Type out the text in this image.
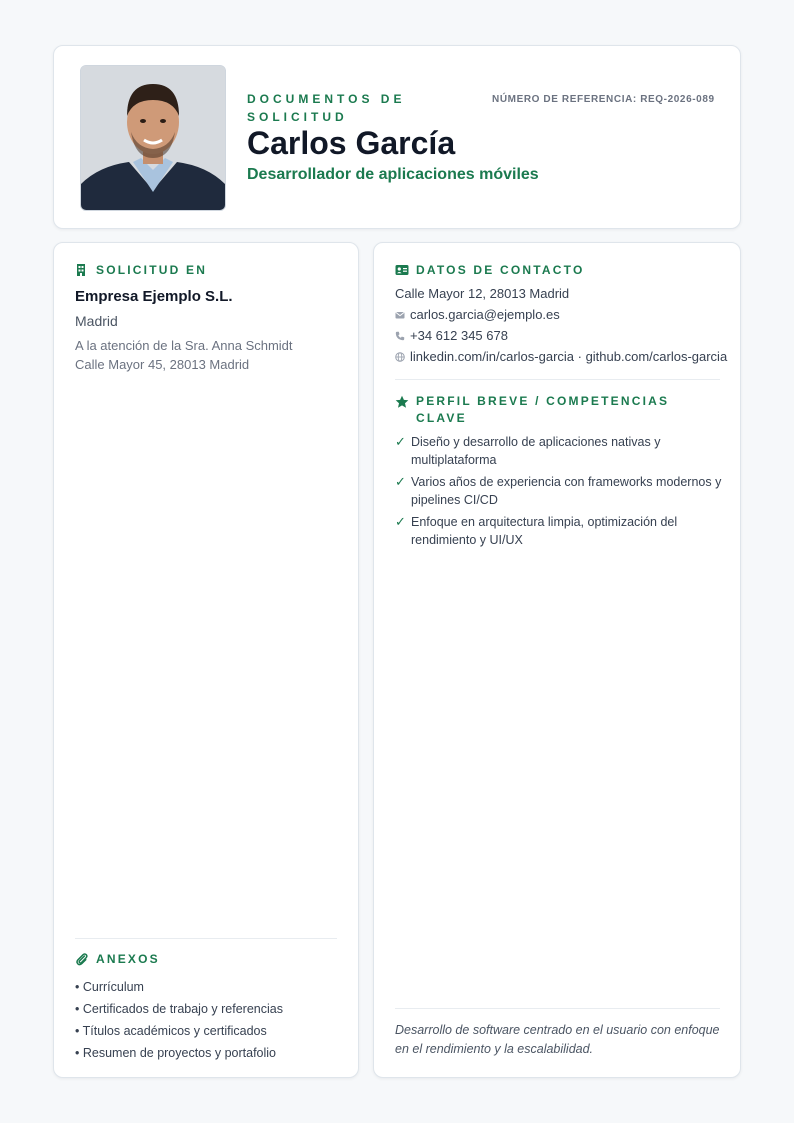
DOCUMENTOS DE SOLICITUD

NÚMERO DE REFERENCIA: REQ-2026-089

Carlos García

Desarrollador de aplicaciones móviles

SOLICITUD EN

Empresa Ejemplo S.L.

Madrid

A la atención de la Sra. Anna Schmidt
Calle Mayor 45, 28013 Madrid

ANEXOS
• Currículum
• Certificados de trabajo y referencias
• Títulos académicos y certificados
• Resumen de proyectos y portafolio
DATOS DE CONTACTO

Calle Mayor 12, 28013 Madrid

carlos.garcia@ejemplo.es
+34 612 345 678
linkedin.com/in/carlos-garcia · github.com/carlos-garcia
PERFIL BREVE / COMPETENCIAS CLAVE
✓ Diseño y desarrollo de aplicaciones nativas y multiplataforma
✓ Varios años de experiencia con frameworks modernos y pipelines CI/CD
✓ Enfoque en arquitectura limpia, optimización del rendimiento y UI/UX

Desarrollo de software centrado en el usuario con enfoque en el rendimiento y la escalabilidad.
